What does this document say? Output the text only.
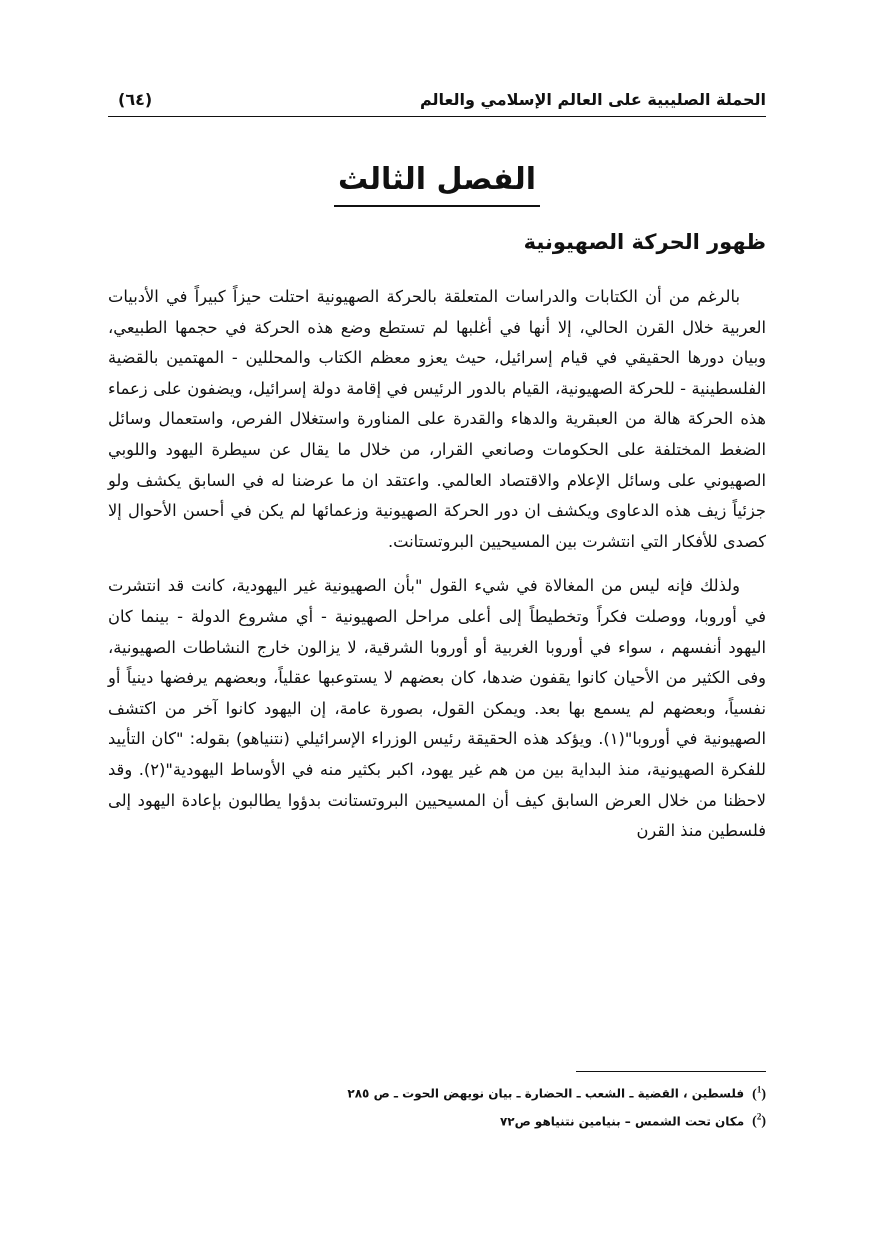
الحملة الصليبية على العالم الإسلامي والعالم
(٦٤)
الفصل الثالث
ظهور الحركة الصهيونية

بالرغم من أن الكتابات والدراسات المتعلقة بالحركة الصهيونية احتلت حيزاً كبيراً في الأدبيات العربية خلال القرن الحالي، إلا أنها في أغلبها لم تستطع وضع هذه الحركة في حجمها الطبيعي، وبيان دورها الحقيقي في قيام إسرائيل، حيث يعزو معظم الكتاب والمحللين - المهتمين بالقضية الفلسطينية - للحركة الصهيونية، القيام بالدور الرئيس في إقامة دولة إسرائيل، ويضفون على زعماء هذه الحركة هالة من العبقرية والدهاء والقدرة على المناورة واستغلال الفرص، واستعمال وسائل الضغط المختلفة على الحكومات وصانعي القرار، من خلال ما يقال عن سيطرة اليهود واللوبي الصهيوني على وسائل الإعلام والاقتصاد العالمي. واعتقد ان ما عرضنا له في السابق يكشف ولو جزئياً زيف هذه الدعاوى ويكشف ان دور الحركة الصهيونية وزعمائها لم يكن في أحسن الأحوال إلا كصدى للأفكار التي انتشرت بين المسيحيين البروتستانت.

ولذلك فإنه ليس من المغالاة في شيء القول "بأن الصهيونية غير اليهودية، كانت قد انتشرت في أوروبا، ووصلت فكراً وتخطيطاً إلى أعلى مراحل الصهيونية - أي مشروع الدولة - بينما كان اليهود أنفسهم ، سواء في أوروبا الغربية أو أوروبا الشرقية، لا يزالون خارج النشاطات الصهيونية، وفى الكثير من الأحيان كانوا يقفون ضدها، كان بعضهم لا يستوعبها عقلياً، وبعضهم يرفضها دينياً أو نفسياً، وبعضهم لم يسمع بها بعد. ويمكن القول، بصورة عامة، إن اليهود كانوا آخر من اكتشف الصهيونية في أوروبا"(١). ويؤكد هذه الحقيقة رئيس الوزراء الإسرائيلي (نتنياهو) بقوله: "كان التأييد للفكرة الصهيونية، منذ البداية بين من هم غير يهود، اكبر بكثير منه في الأوساط اليهودية"(٢). وقد لاحظنا من خلال العرض السابق كيف أن المسيحيين البروتستانت بدؤوا يطالبون بإعادة اليهود إلى فلسطين منذ القرن

($^1$)فلسطين ، القضية ـ الشعب ـ الحضارة ـ بيان نويهض الحوت ـ ص ٢٨٥
($^2$)مكان تحت الشمس – بنيامين نتنياهو ص٧٢
